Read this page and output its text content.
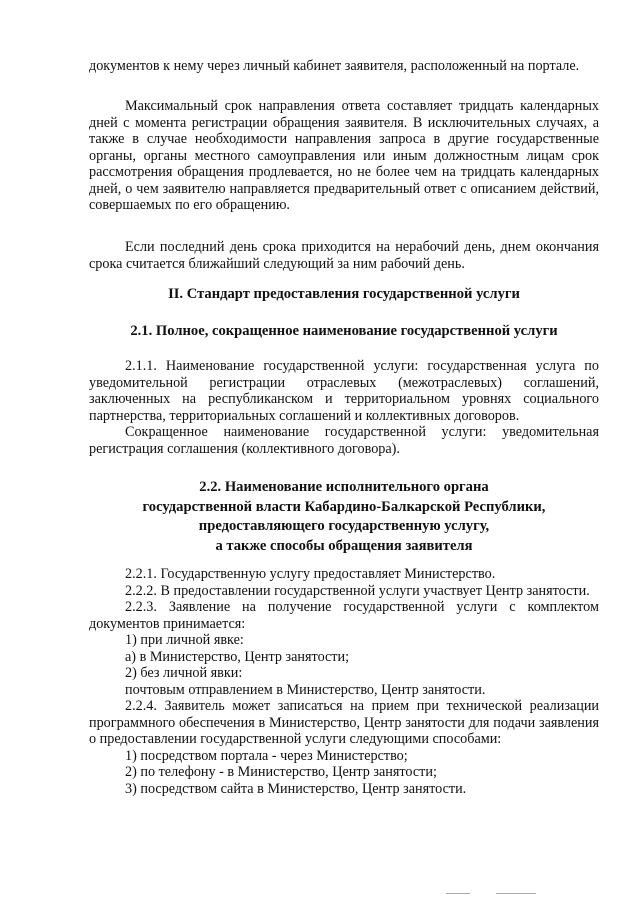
документов к нему через личный кабинет заявителя, расположенный на портале.

Максимальный срок направления ответа составляет тридцать календарных дней с момента регистрации обращения заявителя. В исключительных случаях, а также в случае необходимости направления запроса в другие государственные органы, органы местного самоуправления или иным должностным лицам срок рассмотрения обращения продлевается, но не более чем на тридцать календарных дней, о чем заявителю направляется предварительный ответ с описанием действий, совершаемых по его обращению.

Если последний день срока приходится на нерабочий день, днем окончания срока считается ближайший следующий за ним рабочий день.

II. Стандарт предоставления государственной услуги
2.1. Полное, сокращенное наименование государственной услуги

2.1.1. Наименование государственной услуги: государственная услуга по уведомительной регистрации отраслевых (межотраслевых) соглашений, заключенных на республиканском и территориальном уровнях социального партнерства, территориальных соглашений и коллективных договоров.

Сокращенное наименование государственной услуги: уведомительная регистрация соглашения (коллективного договора).

2.2. Наименование исполнительного органа
государственной власти Кабардино-Балкарской Республики,
предоставляющего государственную услугу,
а также способы обращения заявителя

2.2.1. Государственную услугу предоставляет Министерство.

2.2.2. В предоставлении государственной услуги участвует Центр занятости.

2.2.3. Заявление на получение государственной услуги с комплектом документов принимается:

1) при личной явке:

а) в Министерство, Центр занятости;

2) без личной явки:

почтовым отправлением в Министерство, Центр занятости.

2.2.4. Заявитель может записаться на прием при технической реализации программного обеспечения в Министерство, Центр занятости для подачи заявления о предоставлении государственной услуги следующими способами:

1) посредством портала - через Министерство;

2) по телефону - в Министерство, Центр занятости;

3) посредством сайта в Министерство, Центр занятости.
